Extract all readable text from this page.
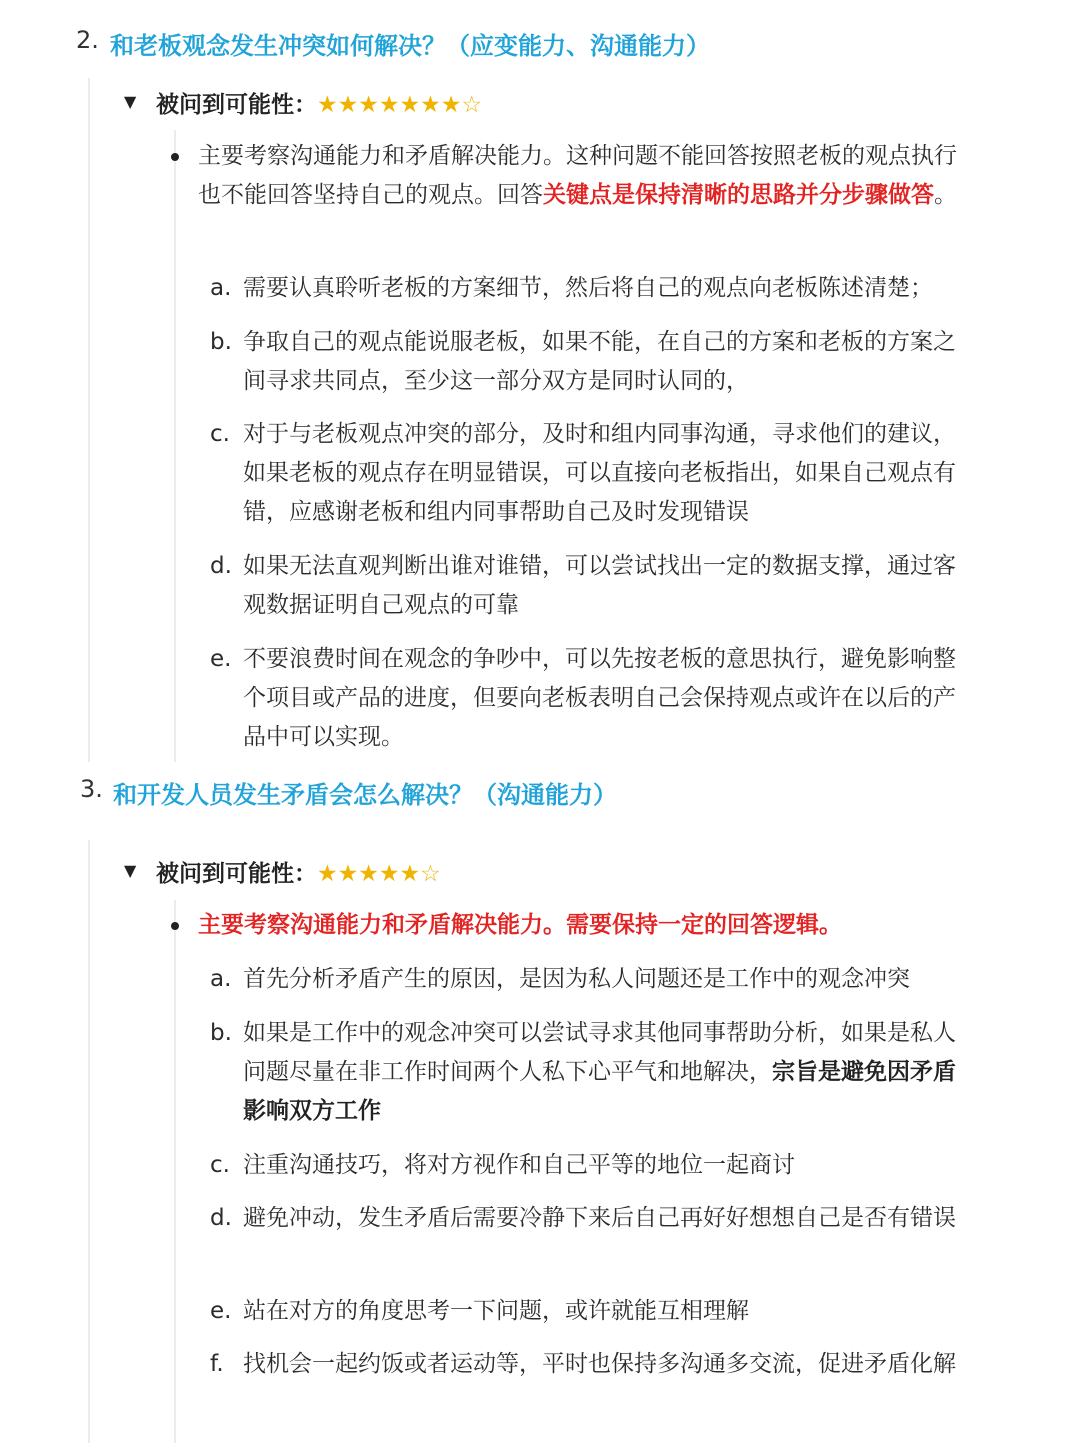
2. 和老板观念发生冲突如何解决？（应变能力、沟通能力）
▼ 被问到可能性：★★★★★★★☆
主要考察沟通能力和矛盾解决能力。这种问题不能回答按照老板的观点执行也不能回答坚持自己的观点。回答关键点是保持清晰的思路并分步骤做答。
a. 需要认真聆听老板的方案细节，然后将自己的观点向老板陈述清楚；
b. 争取自己的观点能说服老板，如果不能，在自己的方案和老板的方案之间寻求共同点，至少这一部分双方是同时认同的，
c. 对于与老板观点冲突的部分，及时和组内同事沟通，寻求他们的建议，如果老板的观点存在明显错误，可以直接向老板指出，如果自己观点有错，应感谢老板和组内同事帮助自己及时发现错误
d. 如果无法直观判断出谁对谁错，可以尝试找出一定的数据支撑，通过客观数据证明自己观点的可靠
e. 不要浪费时间在观念的争吵中，可以先按老板的意思执行，避免影响整个项目或产品的进度，但要向老板表明自己会保持观点或许在以后的产品中可以实现。
3. 和开发人员发生矛盾会怎么解决？（沟通能力）
▼ 被问到可能性：★★★★★☆
主要考察沟通能力和矛盾解决能力。需要保持一定的回答逻辑。
a. 首先分析矛盾产生的原因，是因为私人问题还是工作中的观念冲突
b. 如果是工作中的观念冲突可以尝试寻求其他同事帮助分析，如果是私人问题尽量在非工作时间两个人私下心平气和地解决，宗旨是避免因矛盾影响双方工作
c. 注重沟通技巧，将对方视作和自己平等的地位一起商讨
d. 避免冲动，发生矛盾后需要冷静下来后自己再好好想想自己是否有错误
e. 站在对方的角度思考一下问题，或许就能互相理解
f. 找机会一起约饭或者运动等，平时也保持多沟通多交流，促进矛盾化解
